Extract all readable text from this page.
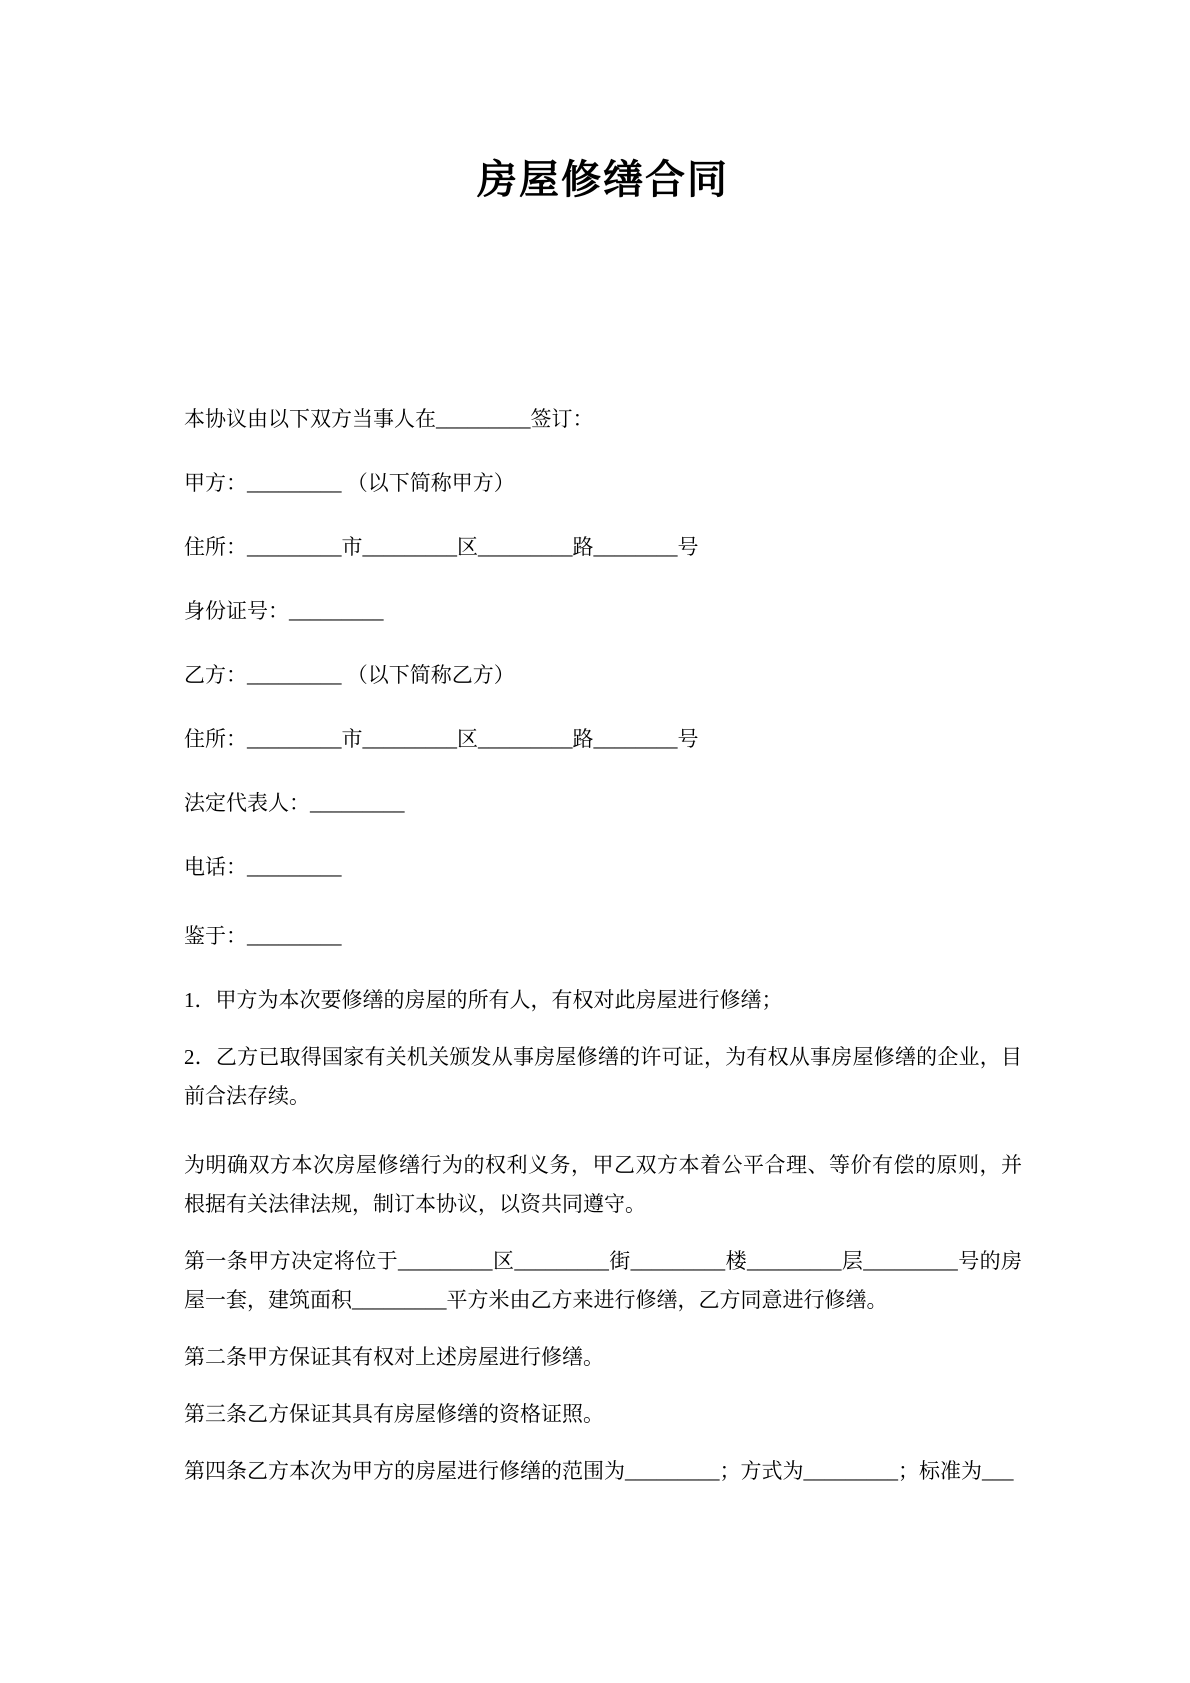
房屋修缮合同

本协议由以下双方当事人在_________签订：

甲方：_________ （以下简称甲方）

住所：_________市_________区_________路________号

身份证号：_________

乙方：_________ （以下简称乙方）

住所：_________市_________区_________路________号

法定代表人：_________

电话：_________

鉴于：_________

1．甲方为本次要修缮的房屋的所有人，有权对此房屋进行修缮；

2．乙方已取得国家有关机关颁发从事房屋修缮的许可证，为有权从事房屋修缮的企业，目前合法存续。

为明确双方本次房屋修缮行为的权利义务，甲乙双方本着公平合理、等价有偿的原则，并根据有关法律法规，制订本协议，以资共同遵守。

第一条甲方决定将位于_________区_________街_________楼_________层_________号的房屋一套，建筑面积_________平方米由乙方来进行修缮，乙方同意进行修缮。

第二条甲方保证其有权对上述房屋进行修缮。

第三条乙方保证其具有房屋修缮的资格证照。

第四条乙方本次为甲方的房屋进行修缮的范围为_________；方式为_________；标准为___
